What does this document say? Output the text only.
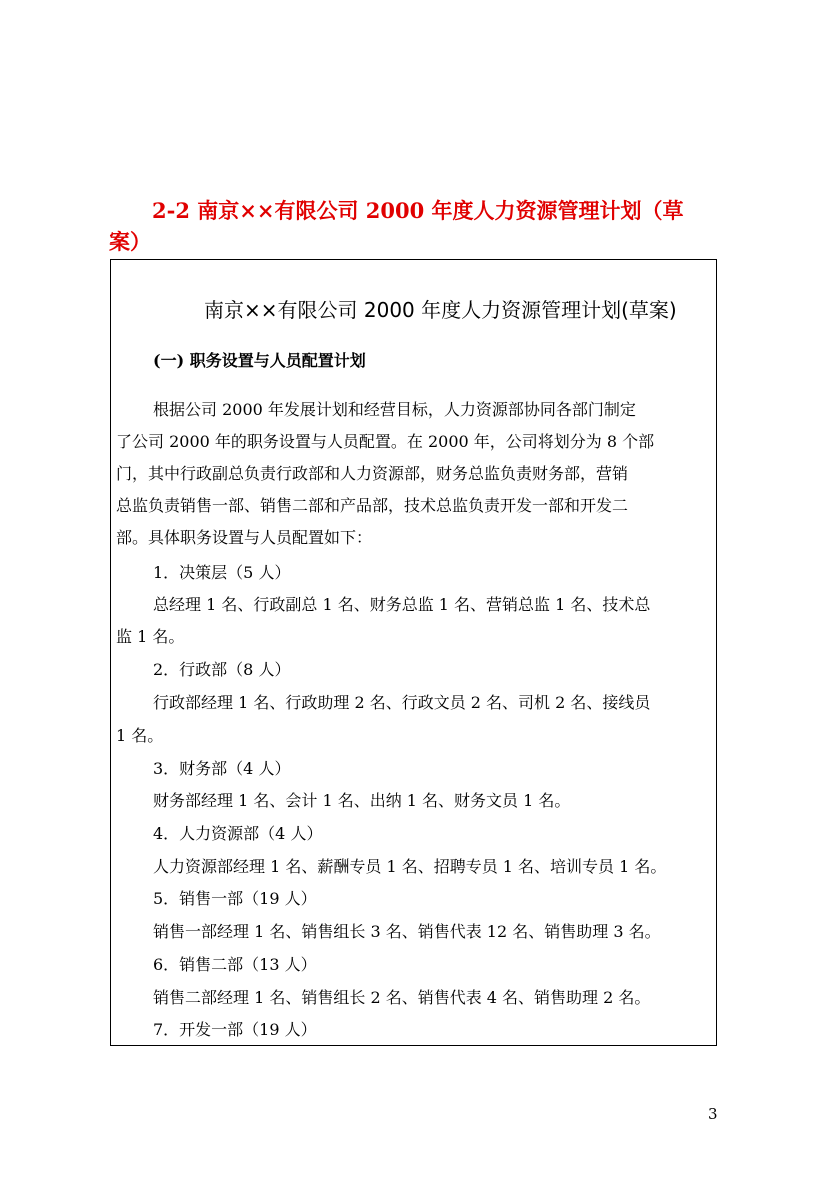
2-2 南京××有限公司 2000 年度人力资源管理计划（草
案）
南京××有限公司 2000 年度人力资源管理计划(草案)
(一) 职务设置与人员配置计划
根据公司 2000 年发展计划和经营目标，人力资源部协同各部门制定
了公司 2000 年的职务设置与人员配置。在 2000 年，公司将划分为 8 个部
门，其中行政副总负责行政部和人力资源部，财务总监负责财务部，营销
总监负责销售一部、销售二部和产品部，技术总监负责开发一部和开发二
部。具体职务设置与人员配置如下：
1．决策层（5 人）
总经理 1 名、行政副总 1 名、财务总监 1 名、营销总监 1 名、技术总
监 1 名。
2．行政部（8 人）
行政部经理 1 名、行政助理 2 名、行政文员 2 名、司机 2 名、接线员
1 名。
3．财务部（4 人）
财务部经理 1 名、会计 1 名、出纳 1 名、财务文员 1 名。
4．人力资源部（4 人）
人力资源部经理 1 名、薪酬专员 1 名、招聘专员 1 名、培训专员 1 名。
5．销售一部（19 人）
销售一部经理 1 名、销售组长 3 名、销售代表 12 名、销售助理 3 名。
6．销售二部（13 人）
销售二部经理 1 名、销售组长 2 名、销售代表 4 名、销售助理 2 名。
7．开发一部（19 人）
3
